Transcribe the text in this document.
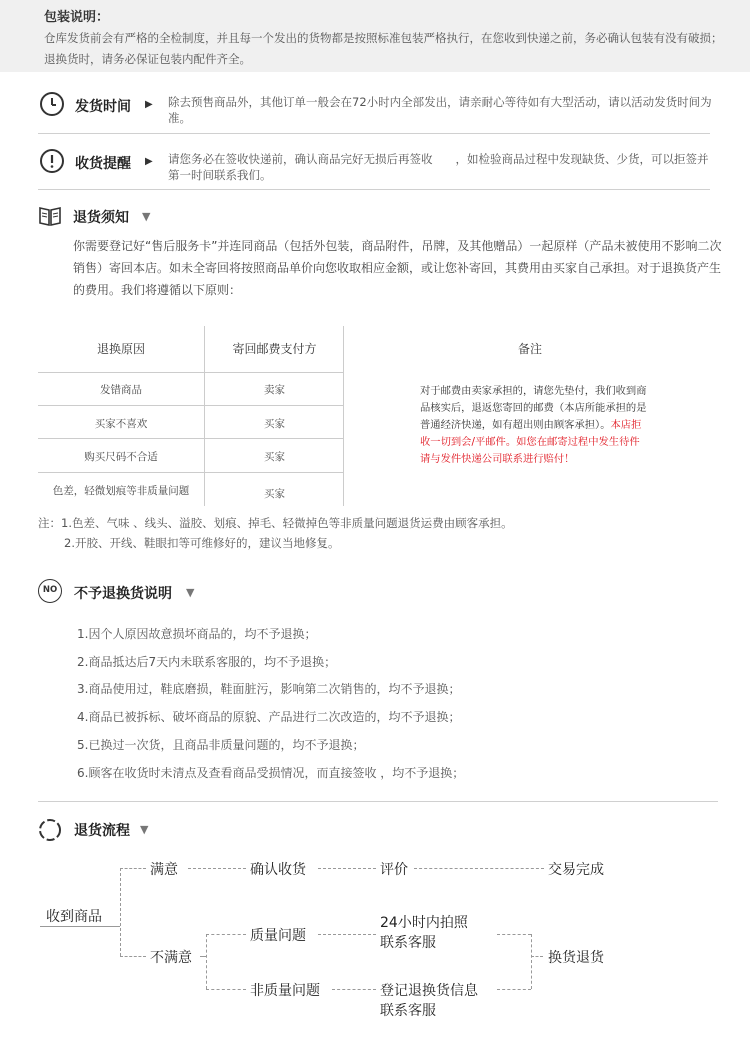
包装说明：
仓库发货前会有严格的全检制度，并且每一个发出的货物都是按照标准包装严格执行，在您收到快递之前，务必确认包装有没有破损；退换货时，请务必保证包装内配件齐全。
发货时间 ▶ 除去预售商品外，其他订单一般会在72小时内全部发出，请亲耐心等待如有大型活动，请以活动发货时间为准。
收货提醒 ▶ 请您务必在签收快递前，确认商品完好无损后再签收　　，如检验商品过程中发现缺货、少货，可以拒签并第一时间联系我们。
退货须知 ▼
你需要登记好“售后服务卡”并连同商品（包括外包装，商品附件，吊牌，及其他赠品）一起原样（产品未被使用不影响二次销售）寄回本店。如未全寄回将按照商品单价向您收取相应金额，或让您补寄回，其费用由买家自己承担。对于退换货产生的费用。我们将遵循以下原则：
退换原因	寄回邮费支付方
发错商品	卖家
买家不喜欢	买家
购买尺码不合适	买家
色差，轻微划痕等非质量问题	买家
备注
对于邮费由卖家承担的，请您先垫付，我们收到商品核实后，退返您寄回的邮费（本店所能承担的是普通经济快递，如有超出则由顾客承担）。本店拒收一切到会/平邮件。如您在邮寄过程中发生待件请与发件快递公司联系进行赔付！
注：1.色差、气味 、线头、溢胶、划痕、掉毛、轻微掉色等非质量问题退货运费由顾客承担。
2.开胶、开线、鞋眼扣等可维修好的，建议当地修复。
NO	不予退换货说明 ▼
1.因个人原因故意损坏商品的，均不予退换；
2.商品抵达后7天内未联系客服的，均不予退换；
3.商品使用过，鞋底磨损，鞋面脏污，影响第二次销售的，均不予退换；
4.商品已被拆标、破坏商品的原貌、产品进行二次改造的，均不予退换；
5.已换过一次货，且商品非质量问题的，均不予退换；
6.顾客在收货时未清点及查看商品受损情况，而直接签收 ，均不予退换；
退货流程 ▼
收到商品
满意	确认收货	评价	交易完成
不满意
质量问题
24小时内拍照
联系客服
非质量问题	登记退换货信息
联系客服
换货退货
